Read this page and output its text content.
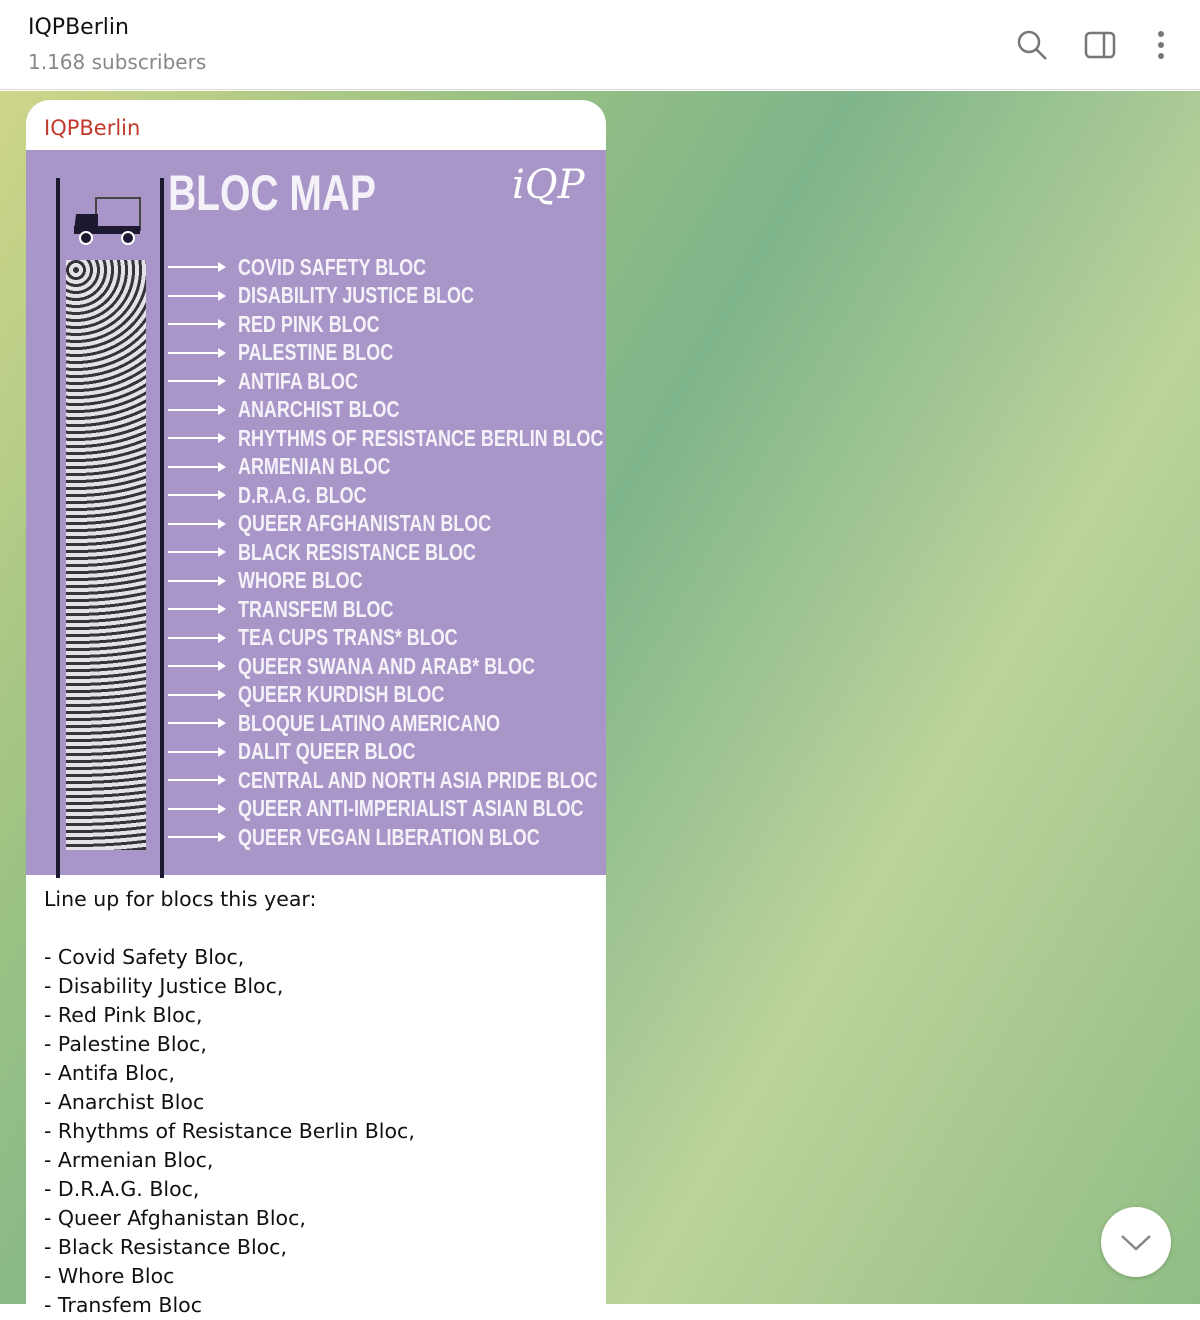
IQPBerlin
1.168 subscribers
IQPBerlin
BLOC MAP	iQP
COVID SAFETY BLOC
DISABILITY JUSTICE BLOC
RED PINK BLOC
PALESTINE BLOC
ANTIFA BLOC
ANARCHIST BLOC
RHYTHMS OF RESISTANCE BERLIN BLOC
ARMENIAN BLOC
D.R.A.G. BLOC
QUEER AFGHANISTAN BLOC
BLACK RESISTANCE BLOC
WHORE BLOC
TRANSFEM BLOC
TEA CUPS TRANS* BLOC
QUEER SWANA AND ARAB* BLOC
QUEER KURDISH BLOC
BLOQUE LATINO AMERICANO
DALIT QUEER BLOC
CENTRAL AND NORTH ASIA PRIDE BLOC
QUEER ANTI-IMPERIALIST ASIAN BLOC
QUEER VEGAN LIBERATION BLOC
Line up for blocs this year:
- Covid Safety Bloc,
- Disability Justice Bloc,
- Red Pink Bloc,
- Palestine Bloc,
- Antifa Bloc,
- Anarchist Bloc
- Rhythms of Resistance Berlin Bloc,
- Armenian Bloc,
- D.R.A.G. Bloc,
- Queer Afghanistan Bloc,
- Black Resistance Bloc,
- Whore Bloc
- Transfem Bloc
